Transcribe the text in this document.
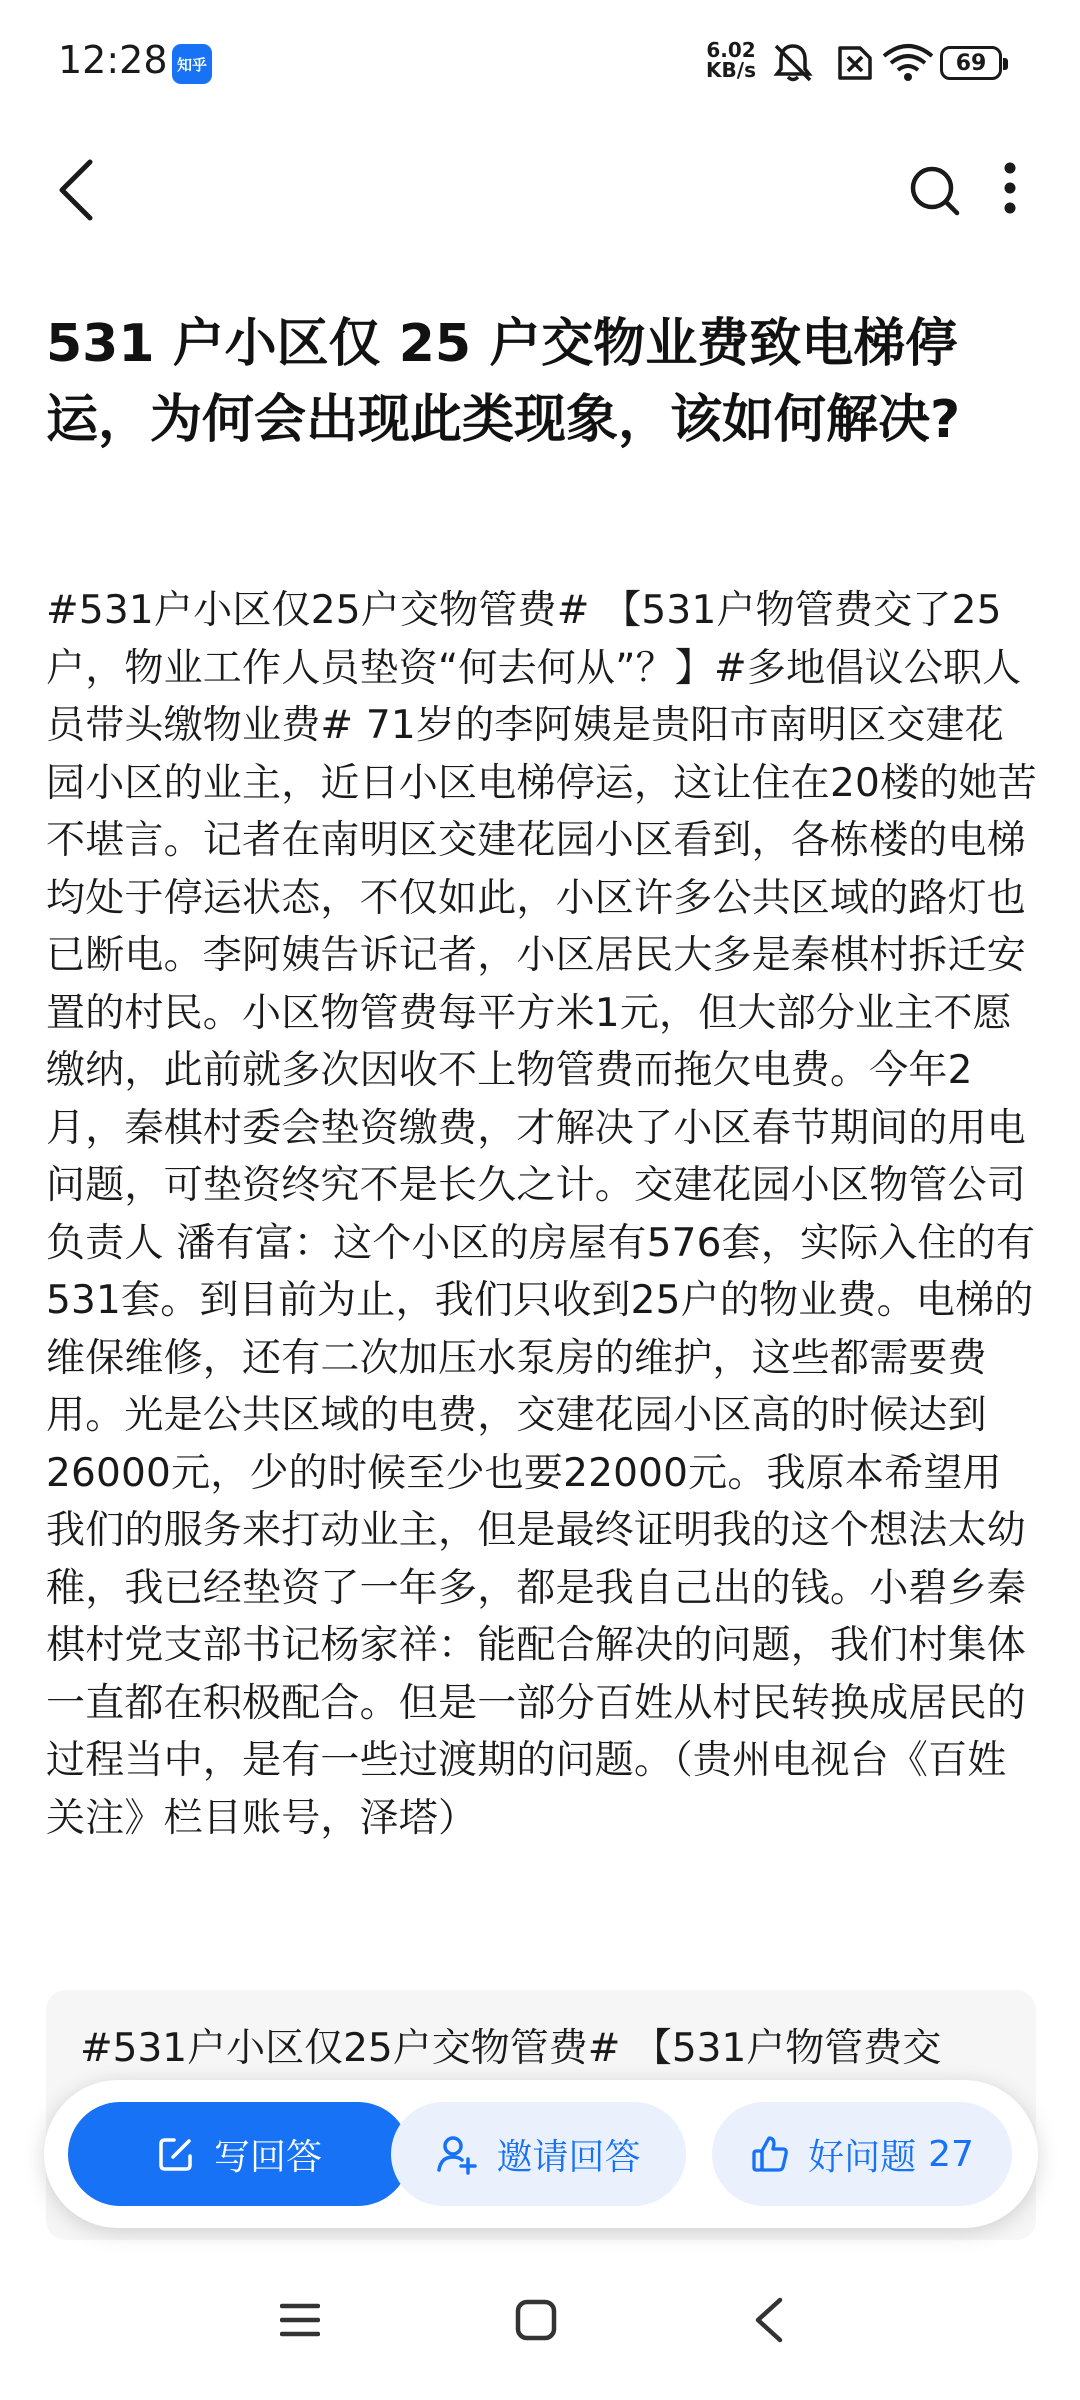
12:28 知乎
6.02
KB/s	69
531 户小区仅 25 户交物业费致电梯停运，为何会出现此类现象，该如何解决?
#531户小区仅25户交物管费# 【531户物管费交了25户，物业工作人员垫资“何去何从”？】#多地倡议公职人员带头缴物业费# 71岁的李阿姨是贵阳市南明区交建花园小区的业主，近日小区电梯停运，这让住在20楼的她苦不堪言。记者在南明区交建花园小区看到，各栋楼的电梯均处于停运状态，不仅如此，小区许多公共区域的路灯也已断电。李阿姨告诉记者，小区居民大多是秦棋村拆迁安置的村民。小区物管费每平方米1元，但大部分业主不愿缴纳，此前就多次因收不上物管费而拖欠电费。今年2月，秦棋村委会垫资缴费，才解决了小区春节期间的用电问题，可垫资终究不是长久之计。交建花园小区物管公司负责人 潘有富：这个小区的房屋有576套，实际入住的有531套。到目前为止，我们只收到25户的物业费。电梯的维保维修，还有二次加压水泵房的维护，这些都需要费用。光是公共区域的电费，交建花园小区高的时候达到26000元，少的时候至少也要22000元。我原本希望用我们的服务来打动业主，但是最终证明我的这个想法太幼稚，我已经垫资了一年多，都是我自己出的钱。小碧乡秦棋村党支部书记杨家祥：能配合解决的问题，我们村集体一直都在积极配合。但是一部分百姓从村民转换成居民的过程当中，是有一些过渡期的问题。（贵州电视台《百姓关注》栏目账号，泽塔）
#531户小区仅25户交物管费# 【531户物管费交
写回答	邀请回答	好问题 27
